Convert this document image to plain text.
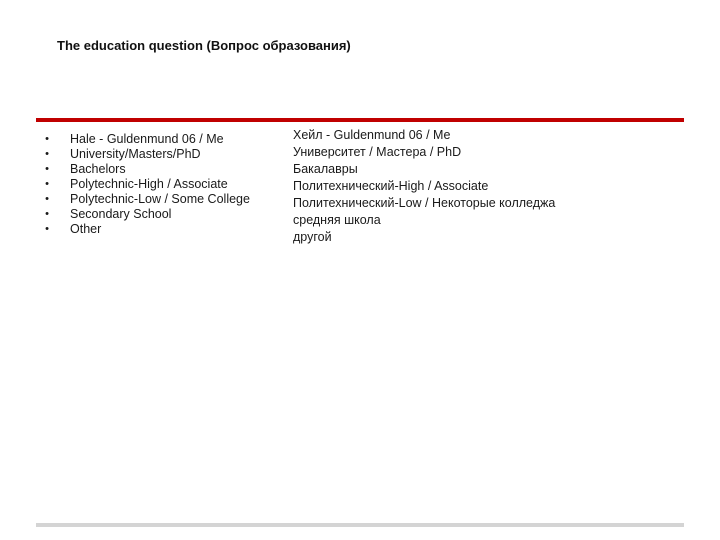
The education question (Вопрос образования)
• Hale - Guldenmund 06 / Me
• University/Masters/PhD
• Bachelors
• Polytechnic-High / Associate
• Polytechnic-Low / Some College
• Secondary School
• Other
Хейл - Guldenmund 06 / Me
Университет / Мастера / PhD
Бакалавры
Политехнический-High / Associate
Политехнический-Low / Некоторые колледжа
средняя школа
другой
